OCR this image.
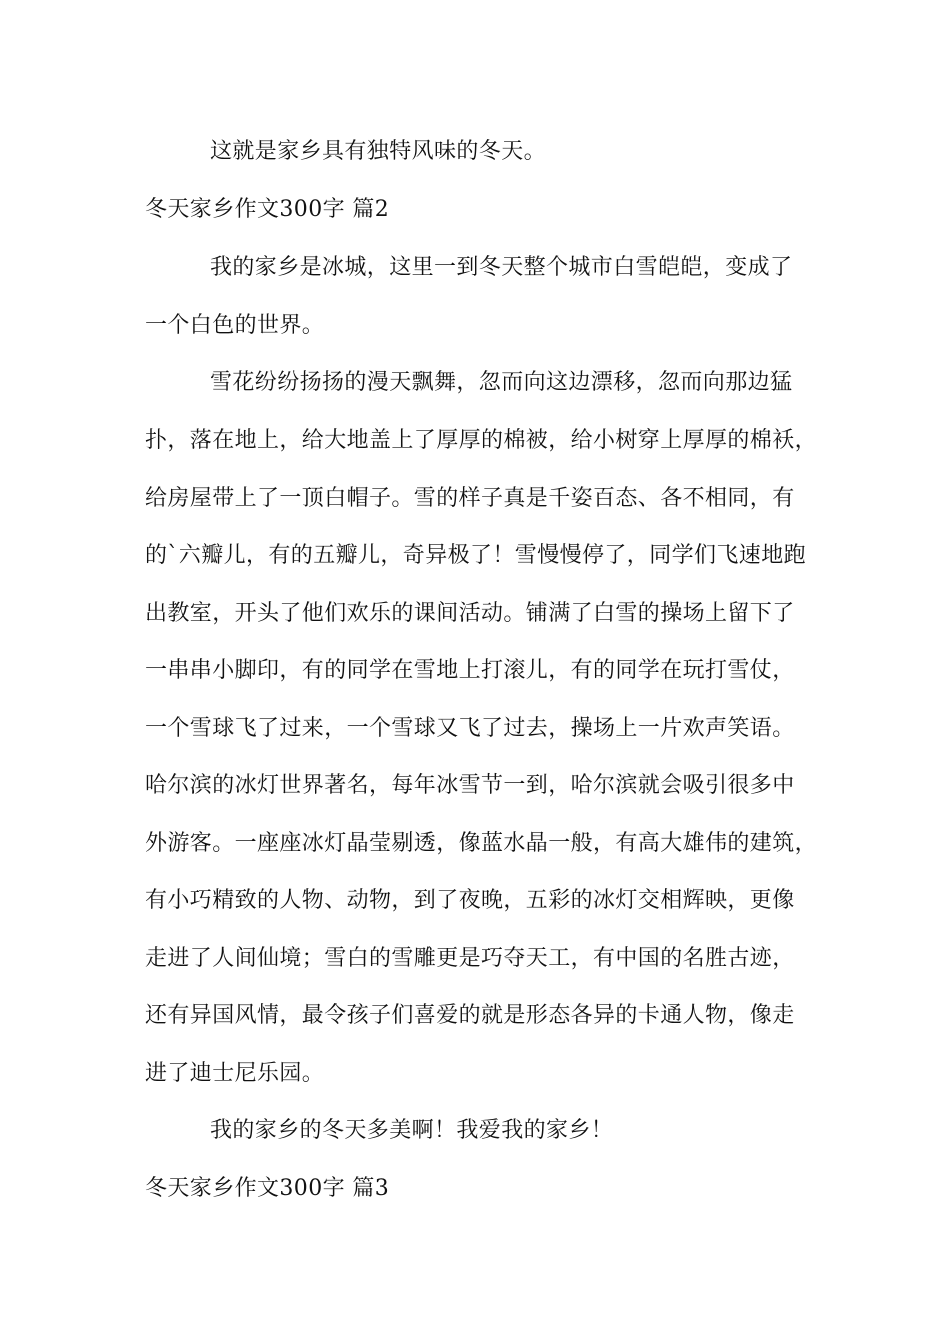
这就是家乡具有独特风味的冬天。
冬天家乡作文300字 篇2
我的家乡是冰城，这里一到冬天整个城市白雪皑皑，变成了
一个白色的世界。
雪花纷纷扬扬的漫天飘舞，忽而向这边漂移，忽而向那边猛
扑，落在地上，给大地盖上了厚厚的棉被，给小树穿上厚厚的棉袄，
给房屋带上了一顶白帽子。雪的样子真是千姿百态、各不相同，有
的`六瓣儿，有的五瓣儿，奇异极了！雪慢慢停了，同学们飞速地跑
出教室，开头了他们欢乐的课间活动。铺满了白雪的操场上留下了
一串串小脚印，有的同学在雪地上打滚儿，有的同学在玩打雪仗，
一个雪球飞了过来，一个雪球又飞了过去，操场上一片欢声笑语。
哈尔滨的冰灯世界著名，每年冰雪节一到，哈尔滨就会吸引很多中
外游客。一座座冰灯晶莹剔透，像蓝水晶一般，有高大雄伟的建筑，
有小巧精致的人物、动物，到了夜晚，五彩的冰灯交相辉映，更像
走进了人间仙境；雪白的雪雕更是巧夺天工，有中国的名胜古迹，
还有异国风情，最令孩子们喜爱的就是形态各异的卡通人物，像走
进了迪士尼乐园。
我的家乡的冬天多美啊！我爱我的家乡！
冬天家乡作文300字 篇3
